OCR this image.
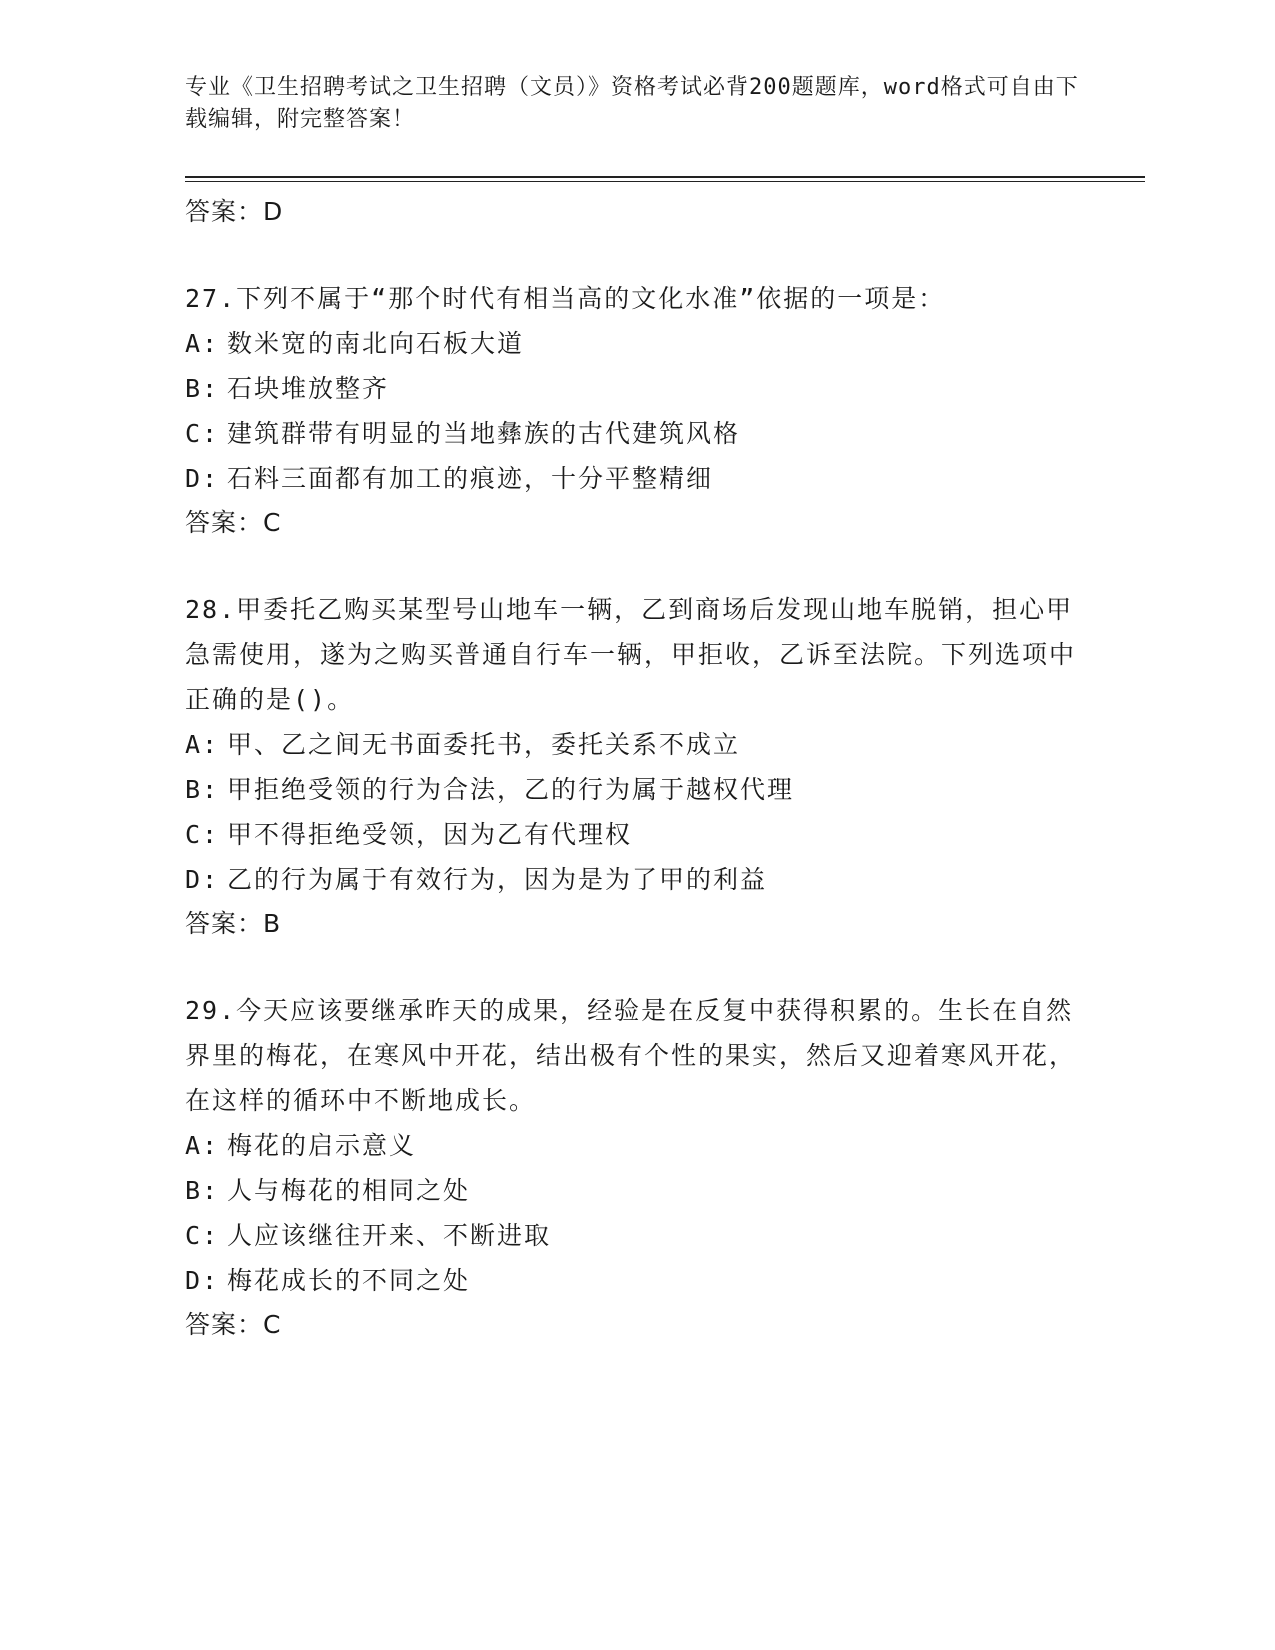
专业《卫生招聘考试之卫生招聘（文员）》资格考试必背200题题库，word格式可自由下载编辑，附完整答案！
答案：D

27.下列不属于“那个时代有相当高的文化水准”依据的一项是：

A: 数米宽的南北向石板大道
B: 石块堆放整齐
C: 建筑群带有明显的当地彝族的古代建筑风格
D: 石料三面都有加工的痕迹，十分平整精细
答案：C

28.甲委托乙购买某型号山地车一辆，乙到商场后发现山地车脱销，担心甲急需使用，遂为之购买普通自行车一辆，甲拒收，乙诉至法院。下列选项中正确的是()。

A: 甲、乙之间无书面委托书，委托关系不成立
B: 甲拒绝受领的行为合法，乙的行为属于越权代理
C: 甲不得拒绝受领，因为乙有代理权
D: 乙的行为属于有效行为，因为是为了甲的利益
答案：B

29.今天应该要继承昨天的成果，经验是在反复中获得积累的。生长在自然界里的梅花，在寒风中开花，结出极有个性的果实，然后又迎着寒风开花，在这样的循环中不断地成长。

A: 梅花的启示意义
B: 人与梅花的相同之处
C: 人应该继往开来、不断进取
D: 梅花成长的不同之处
答案：C
